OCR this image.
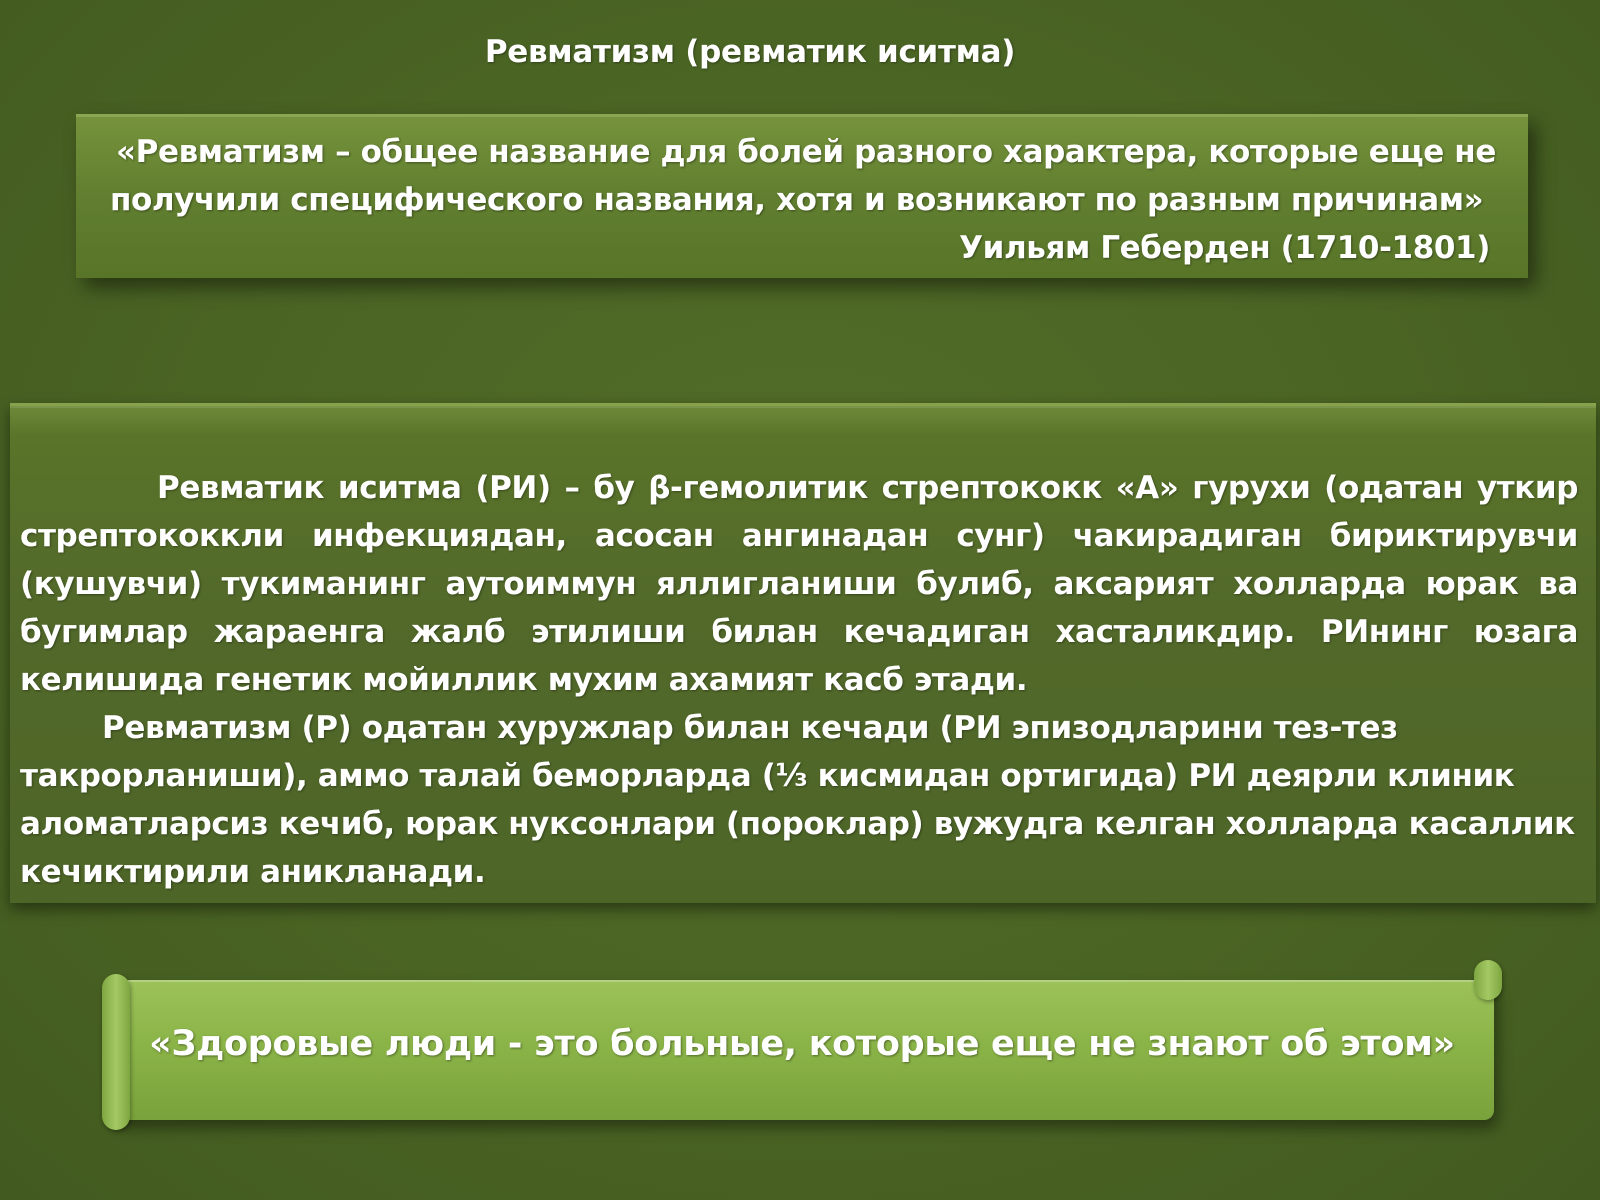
Ревматизм (ревматик иситма)
«Ревматизм – общее название для болей разного характера, которые еще не
получили специфического названия, хотя и возникают по разным причинам»
Уильям Геберден (1710-1801)
Ревматик иситма (РИ) – бу β-гемолитик стрептококк «А» гурухи (одатан уткир стрептококкли инфекциядан, асосан ангинадан сунг) чакирадиган бириктирувчи (кушувчи) тукиманинг аутоиммун яллигланиши булиб, аксарият холларда юрак ва бугимлар жараенга жалб этилиши билан кечадиган хасталикдир. РИнинг юзага келишида генетик мойиллик мухим ахамият касб этади.
Ревматизм (Р) одатан хуружлар билан кечади (РИ эпизодларини тез-тез такрорланиши), аммо талай беморларда (⅓ кисмидан ортигида) РИ деярли клиник аломатларсиз кечиб, юрак нуксонлари (пороклар) вужудга келган холларда касаллик кечиктирили аникланади.
«Здоровые люди - это больные, которые еще не знают об этом»
